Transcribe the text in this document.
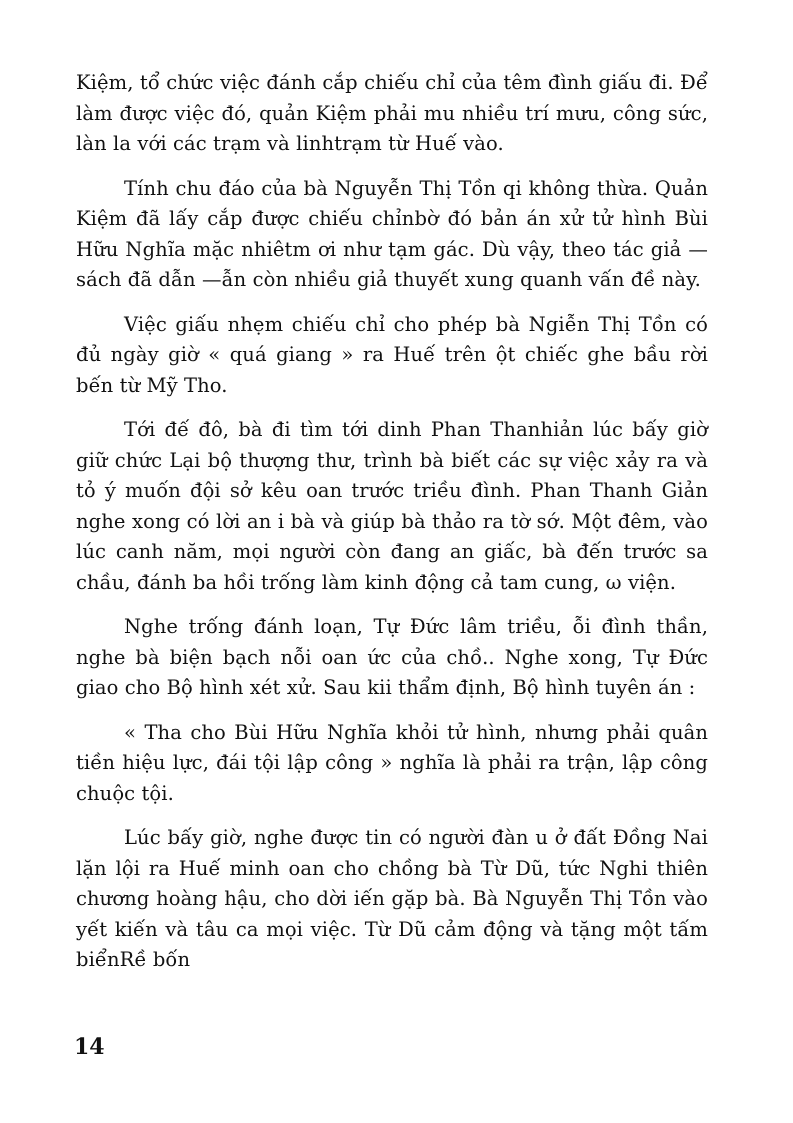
Kiệm, tổ chức việc đánh cắp chiếu chỉ của têm đình giấu đi. Để làm được việc đó, quản Kiệm phải mu nhiều trí mưu, công sức, làn la với các trạm và linhtrạm từ Huế vào.

Tính chu đáo của bà Nguyễn Thị Tồn qi không thừa. Quản Kiệm đã lấy cắp được chiếu chỉnbờ đó bản án xử tử hình Bùi Hữu Nghĩa mặc nhiêtm ơi như tạm gác. Dù vậy, theo tác giả — sách đã dẫn —ẫn còn nhiều giả thuyết xung quanh vấn đề này.

Việc giấu nhẹm chiếu chỉ cho phép bà Ngiễn Thị Tồn có đủ ngày giờ « quá giang » ra Huế trên ột chiếc ghe bầu rời bến từ Mỹ Tho.

Tới đế đô, bà đi tìm tới dinh Phan Thanhiản lúc bấy giờ giữ chức Lại bộ thượng thư, trình bà biết các sự việc xảy ra và tỏ ý muốn đội sở kêu oan trước triều đình. Phan Thanh Giản nghe xong có lời an i bà và giúp bà thảo ra tờ sớ. Một đêm, vào lúc canh năm, mọi người còn đang an giấc, bà đến trước sa chầu, đánh ba hồi trống làm kinh động cả tam cung, ω viện.

Nghe trống đánh loạn, Tự Đức lâm triều, ỗi đình thần, nghe bà biện bạch nỗi oan ức của chồ.. Nghe xong, Tự Đức giao cho Bộ hình xét xử. Sau kii thẩm định, Bộ hình tuyên án :

« Tha cho Bùi Hữu Nghĩa khỏi tử hình, nhưng phải quân tiền hiệu lực, đái tội lập công » nghĩa là phải ra trận, lập công chuộc tội.

Lúc bấy giờ, nghe được tin có người đàn u ở đất Đồng Nai lặn lội ra Huế minh oan cho chồng bà Từ Dũ, tức Nghi thiên chương hoàng hậu, cho dời iến gặp bà. Bà Nguyễn Thị Tồn vào yết kiến và tâu ca mọi việc. Từ Dũ cảm động và tặng một tấm biểnRề bốn

14
